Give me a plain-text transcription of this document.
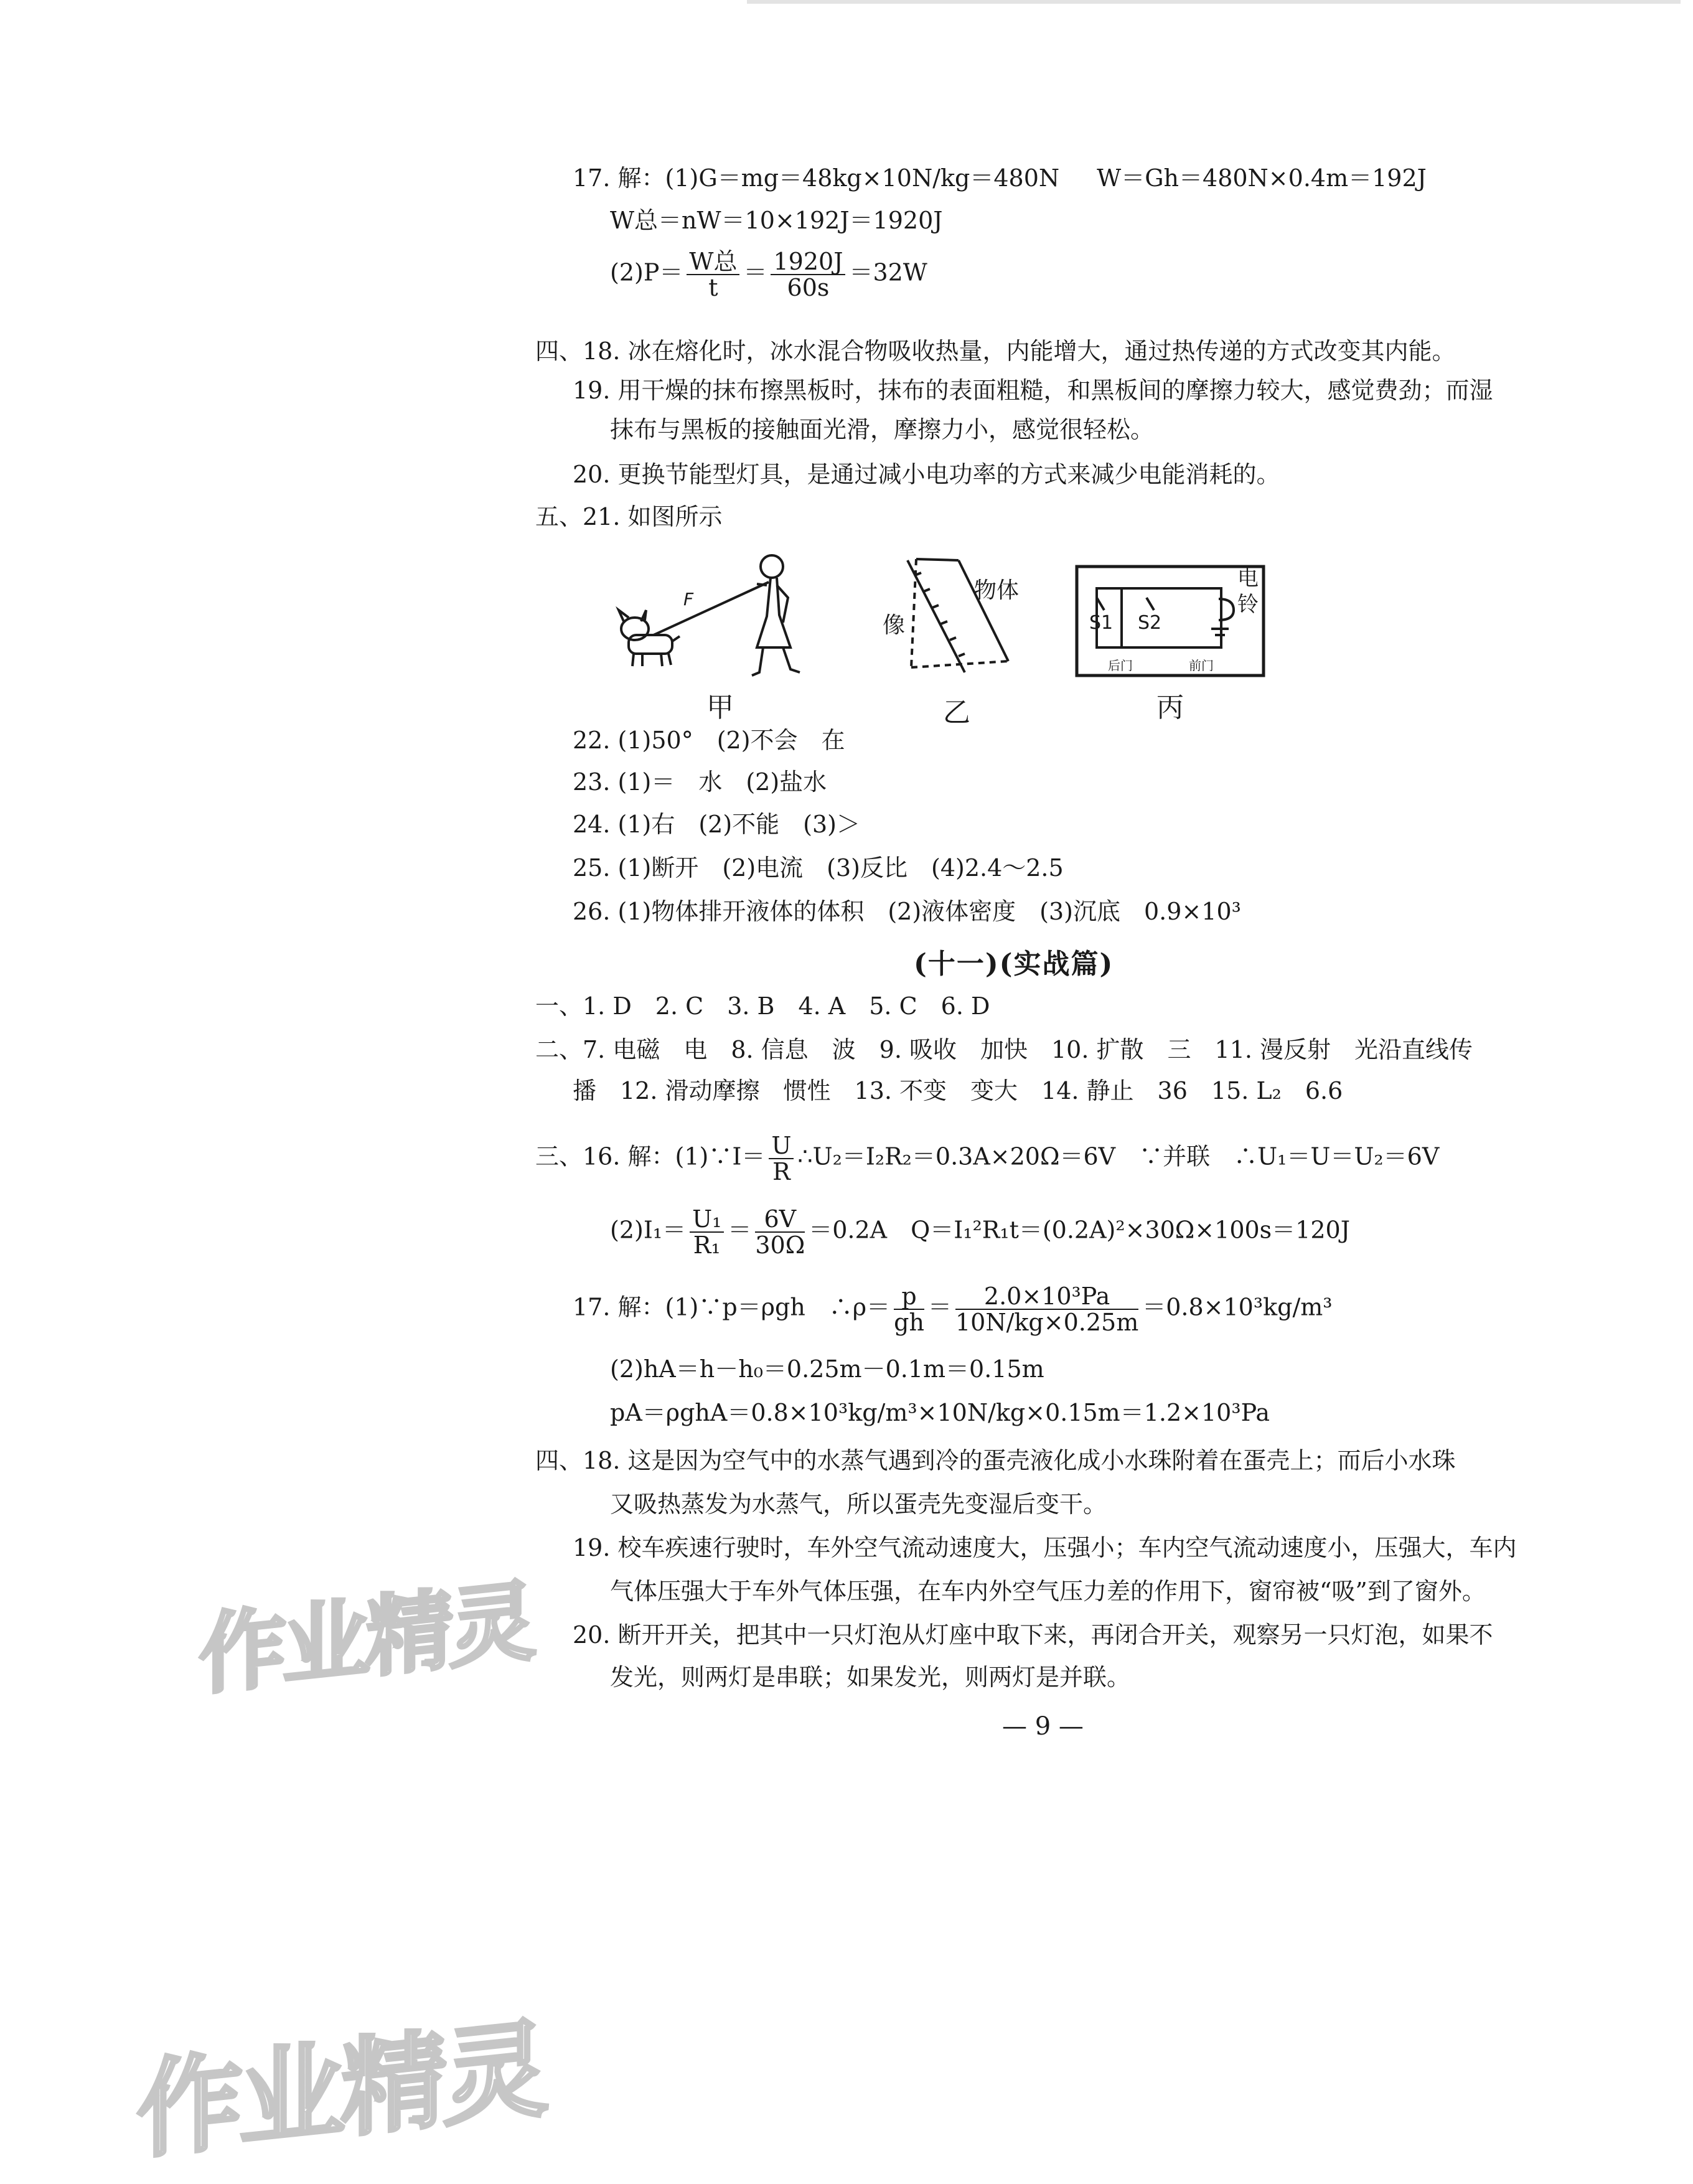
17. 解：(1)G＝mg＝48kg×10N/kg＝480N W＝Gh＝480N×0.4m＝192J
W总＝nW＝10×192J＝1920J
$(2)P= \frac{\text{W总}}{t} = \frac{1920J}{60s} =32W$
四、18. 冰在熔化时，冰水混合物吸收热量，内能增大，通过热传递的方式改变其内能。
19. 用干燥的抹布擦黑板时，抹布的表面粗糙，和黑板间的摩擦力较大，感觉费劲；而湿
抹布与黑板的接触面光滑，摩擦力小，感觉很轻松。
20. 更换节能型灯具，是通过减小电功率的方式来减少电能消耗的。
五、21. 如图所示
F
甲
像
物体
乙
电
铃
S1 S2
后门	前门
丙
22. (1)50°　(2)不会　在
23. (1)＝　水　(2)盐水
24. (1)右　(2)不能　(3)＞
25. (1)断开　(2)电流　(3)反比　(4)2.4～2.5
26. (1)物体排开液体的体积　(2)液体密度　(3)沉底　0.9×10³
(十一)(实战篇)
一、1. D　2. C　3. B　4. A　5. C　6. D
二、7. 电磁　电　8. 信息　波　9. 吸收　加快　10. 扩散　三　11. 漫反射　光沿直线传
播　12. 滑动摩擦　惯性　13. 不变　变大　14. 静止　36　15. L₂　6.6
三、16. 解：(1)∵I＝ $\frac{U}{R}$ ∴U₂＝I₂R₂＝0.3A×20Ω＝6V　∵并联　∴U₁＝U＝U₂＝6V
$(2)I_1= \frac{\text{U₁}}{\text{R₁}} = \frac{6V}{30\Omega} =0.2A$　Q＝I₁²R₁t＝(0.2A)²×30Ω×100s＝120J
17. 解：(1)∵p＝ρgh　∴ρ＝ $\frac{p}{gh} = \frac{\text{2.0×10³Pa}}{10N/kg\times 0.25m} =0.8\times 10^3kg/m^3$
(2)hA＝h－h₀＝0.25m－0.1m＝0.15m
pA＝ρghA＝0.8×10³kg/m³×10N/kg×0.15m＝1.2×10³Pa
四、18. 这是因为空气中的水蒸气遇到冷的蛋壳液化成小水珠附着在蛋壳上；而后小水珠
又吸热蒸发为水蒸气，所以蛋壳先变湿后变干。
19. 校车疾速行驶时，车外空气流动速度大，压强小；车内空气流动速度小，压强大，车内
气体压强大于车外气体压强，在车内外空气压力差的作用下，窗帘被“吸”到了窗外。
20. 断开开关，把其中一只灯泡从灯座中取下来，再闭合开关，观察另一只灯泡，如果不
发光，则两灯是串联；如果发光，则两灯是并联。
— 9 —
作业精灵
作业精灵
